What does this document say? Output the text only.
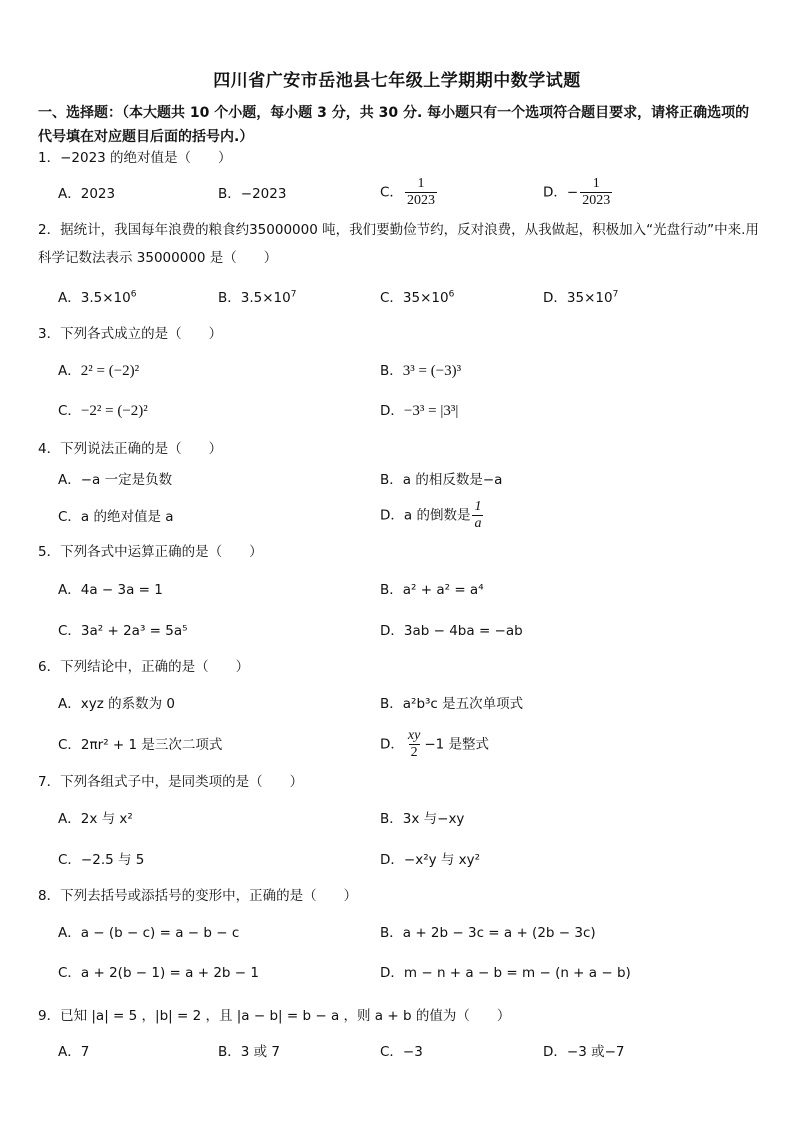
四川省广安市岳池县七年级上学期期中数学试题
一、选择题：（本大题共 10 个小题，每小题 3 分，共 30 分. 每小题只有一个选项符合题目要求，请将正确选项的代号填在对应题目后面的括号内.）
1．−2023 的绝对值是（　　）
A．2023	B．−2023	C． $\frac{1}{2023}$	D．− $\frac{1}{2023}$
2．据统计，我国每年浪费的粮食约35000000 吨，我们要勤俭节约，反对浪费，从我做起，积极加入“光盘行动”中来.用科学记数法表示 35000000 是（　　）
A．$3.5\times 10^6$	B．$3.5\times 10^7$	C．$35\times 10^6$	D．$35\times 10^7$
3．下列各式成立的是（　　）
A．2² = (−2)²	B．3³ = (−3)³
C．−2² = (−2)²	D．−3³ = |3³|
4．下列说法正确的是（　　）
A．−a 一定是负数	B．a 的相反数是−a
C．a 的绝对值是 a	D．a 的倒数是 $\frac{1}{a}$
5．下列各式中运算正确的是（　　）
A．4a − 3a = 1	B．a² + a² = a⁴
C．3a² + 2a³ = 5a⁵	D．3ab − 4ba = −ab
6．下列结论中，正确的是（　　）
A．xyz 的系数为 0	B．a²b³c 是五次单项式
C．2πr² + 1 是三次二项式	D． $\frac{xy}{2} -1$ 是整式
7．下列各组式子中，是同类项的是（　　）
A．2x 与 x²	B．3x 与−xy
C．−2.5 与 5	D．−x²y 与 xy²
8．下列去括号或添括号的变形中，正确的是（　　）
A．a − (b − c) = a − b − c	B．a + 2b − 3c = a + (2b − 3c)
C．a + 2(b − 1) = a + 2b − 1	D．m − n + a − b = m − (n + a − b)
9．已知 |a| = 5 ，|b| = 2 ，且 |a − b| = b − a ，则 a + b 的值为（　　）
A．7	B．3 或 7	C．−3	D．−3 或−7
